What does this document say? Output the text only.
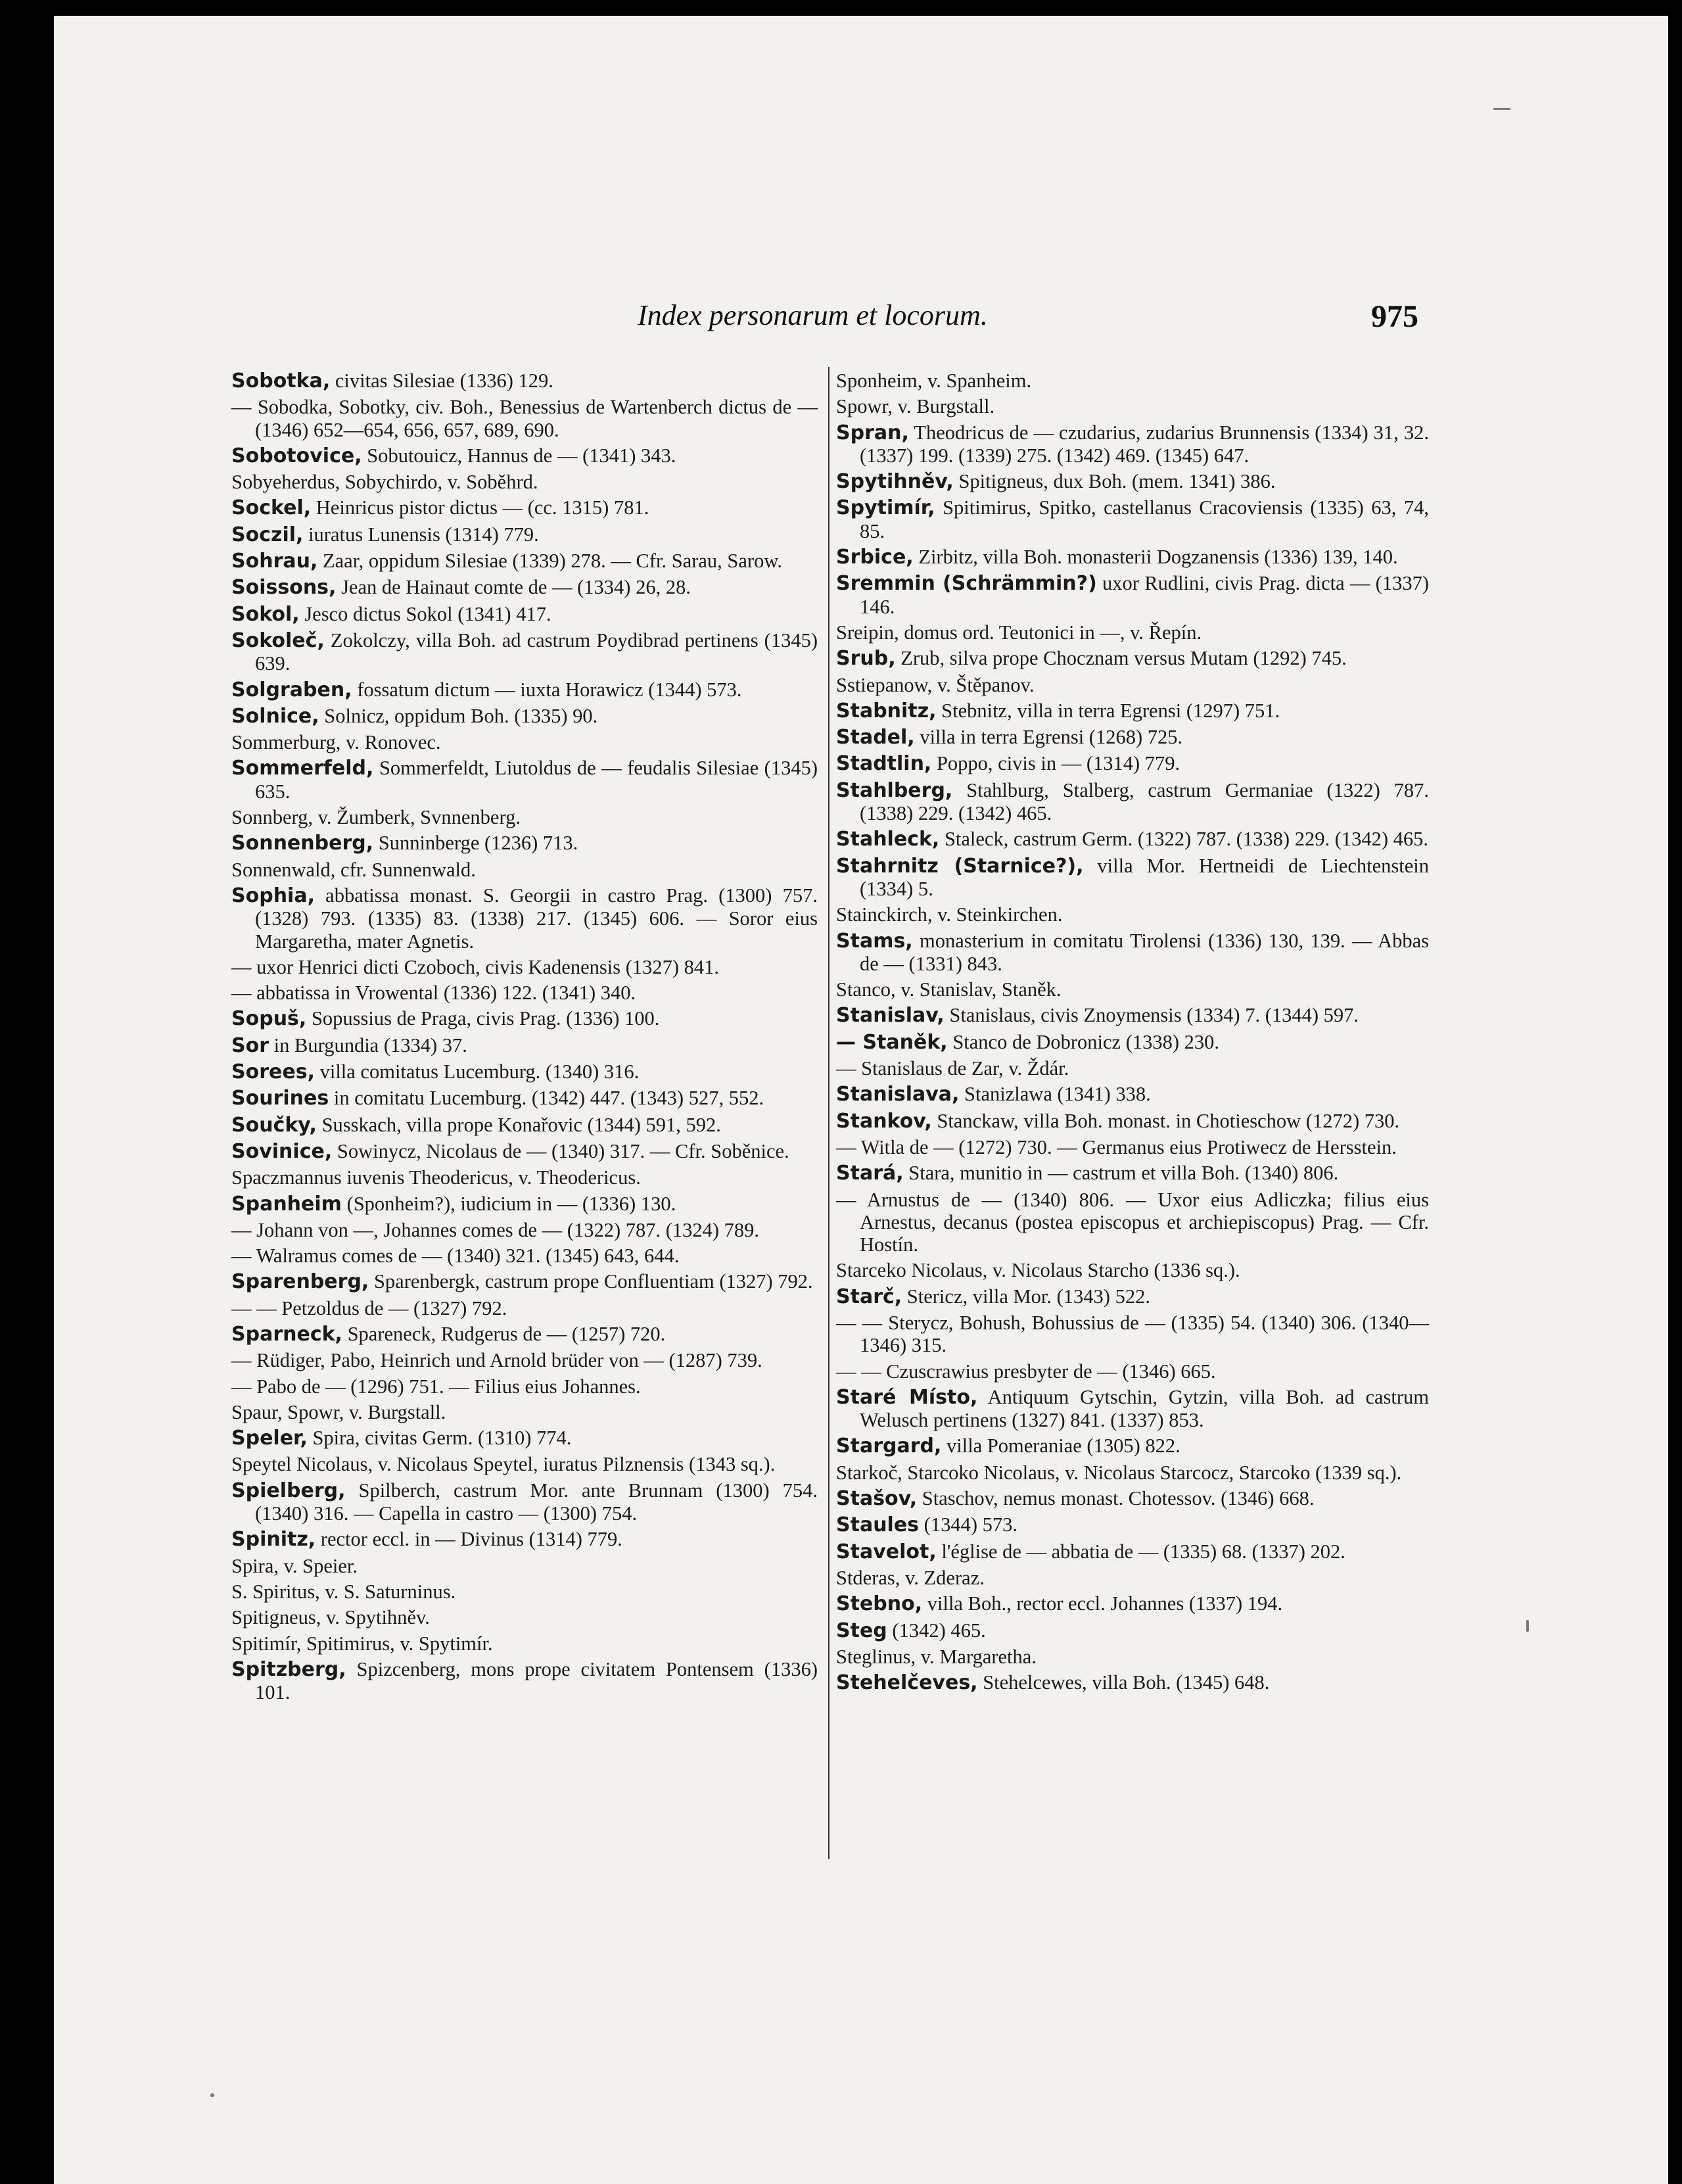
Index personarum et locorum.	975
Sobotka, civitas Silesiae (1336) 129.
— Sobodka, Sobotky, civ. Boh., Benessius de Wartenberch dictus de — (1346) 652—654, 656, 657, 689, 690.
Sobotovice, Sobutouicz, Hannus de — (1341) 343.
Sobyeherdus, Sobychirdo, v. Soběhrd.
Sockel, Heinricus pistor dictus — (cc. 1315) 781.
Soczil, iuratus Lunensis (1314) 779.
Sohrau, Zaar, oppidum Silesiae (1339) 278. — Cfr. Sarau, Sarow.
Soissons, Jean de Hainaut comte de — (1334) 26, 28.
Sokol, Jesco dictus Sokol (1341) 417.
Sokoleč, Zokolczy, villa Boh. ad castrum Poydibrad pertinens (1345) 639.
Solgraben, fossatum dictum — iuxta Horawicz (1344) 573.
Solnice, Solnicz, oppidum Boh. (1335) 90.
Sommerburg, v. Ronovec.
Sommerfeld, Sommerfeldt, Liutoldus de — feudalis Silesiae (1345) 635.
Sonnberg, v. Žumberk, Svnnenberg.
Sonnenberg, Sunninberge (1236) 713.
Sonnenwald, cfr. Sunnenwald.
Sophia, abbatissa monast. S. Georgii in castro Prag. (1300) 757. (1328) 793. (1335) 83. (1338) 217. (1345) 606. — Soror eius Margaretha, mater Agnetis.
— uxor Henrici dicti Czoboch, civis Kadenensis (1327) 841.
— abbatissa in Vrowental (1336) 122. (1341) 340.
Sopuš, Sopussius de Praga, civis Prag. (1336) 100.
Sor in Burgundia (1334) 37.
Sorees, villa comitatus Lucemburg. (1340) 316.
Sourines in comitatu Lucemburg. (1342) 447. (1343) 527, 552.
Součky, Susskach, villa prope Konařovic (1344) 591, 592.
Sovinice, Sowinycz, Nicolaus de — (1340) 317. — Cfr. Soběnice.
Spaczmannus iuvenis Theodericus, v. Theodericus.
Spanheim (Sponheim?), iudicium in — (1336) 130.
— Johann von —, Johannes comes de — (1322) 787. (1324) 789.
— Walramus comes de — (1340) 321. (1345) 643, 644.
Sparenberg, Sparenbergk, castrum prope Confluentiam (1327) 792.
— — Petzoldus de — (1327) 792.
Sparneck, Spareneck, Rudgerus de — (1257) 720.
— Rüdiger, Pabo, Heinrich und Arnold brüder von — (1287) 739.
— Pabo de — (1296) 751. — Filius eius Johannes.
Spaur, Spowr, v. Burgstall.
Speler, Spira, civitas Germ. (1310) 774.
Speytel Nicolaus, v. Nicolaus Speytel, iuratus Pilznensis (1343 sq.).
Spielberg, Spilberch, castrum Mor. ante Brunnam (1300) 754. (1340) 316. — Capella in castro — (1300) 754.
Spinitz, rector eccl. in — Divinus (1314) 779.
Spira, v. Speier.
S. Spiritus, v. S. Saturninus.
Spitigneus, v. Spytihněv.
Spitimír, Spitimirus, v. Spytimír.
Spitzberg, Spizcenberg, mons prope civitatem Pontensem (1336) 101.
Sponheim, v. Spanheim.
Spowr, v. Burgstall.
Spran, Theodricus de — czudarius, zudarius Brunnensis (1334) 31, 32. (1337) 199. (1339) 275. (1342) 469. (1345) 647.
Spytihněv, Spitigneus, dux Boh. (mem. 1341) 386.
Spytimír, Spitimirus, Spitko, castellanus Cracoviensis (1335) 63, 74, 85.
Srbice, Zirbitz, villa Boh. monasterii Dogzanensis (1336) 139, 140.
Sremmin (Schrämmin?) uxor Rudlini, civis Prag. dicta — (1337) 146.
Sreipin, domus ord. Teutonici in —, v. Řepín.
Srub, Zrub, silva prope Chocznam versus Mutam (1292) 745.
Sstiepanow, v. Štěpanov.
Stabnitz, Stebnitz, villa in terra Egrensi (1297) 751.
Stadel, villa in terra Egrensi (1268) 725.
Stadtlin, Poppo, civis in — (1314) 779.
Stahlberg, Stahlburg, Stalberg, castrum Germaniae (1322) 787. (1338) 229. (1342) 465.
Stahleck, Staleck, castrum Germ. (1322) 787. (1338) 229. (1342) 465.
Stahrnitz (Starnice?), villa Mor. Hertneidi de Liechtenstein (1334) 5.
Stainckirch, v. Steinkirchen.
Stams, monasterium in comitatu Tirolensi (1336) 130, 139. — Abbas de — (1331) 843.
Stanco, v. Stanislav, Staněk.
Stanislav, Stanislaus, civis Znoymensis (1334) 7. (1344) 597.
— Staněk, Stanco de Dobronicz (1338) 230.
— Stanislaus de Zar, v. Ždár.
Stanislava, Stanizlawa (1341) 338.
Stankov, Stanckaw, villa Boh. monast. in Chotieschow (1272) 730.
— Witla de — (1272) 730. — Germanus eius Protiwecz de Hersstein.
Stará, Stara, munitio in — castrum et villa Boh. (1340) 806.
— Arnustus de — (1340) 806. — Uxor eius Adliczka; filius eius Arnestus, decanus (postea episcopus et archiepiscopus) Prag. — Cfr. Hostín.
Starceko Nicolaus, v. Nicolaus Starcho (1336 sq.).
Starč, Stericz, villa Mor. (1343) 522.
— — Sterycz, Bohush, Bohussius de — (1335) 54. (1340) 306. (1340—1346) 315.
— — Czuscrawius presbyter de — (1346) 665.
Staré Místo, Antiquum Gytschin, Gytzin, villa Boh. ad castrum Welusch pertinens (1327) 841. (1337) 853.
Stargard, villa Pomeraniae (1305) 822.
Starkoč, Starcoko Nicolaus, v. Nicolaus Starcocz, Starcoko (1339 sq.).
Stašov, Staschov, nemus monast. Chotessov. (1346) 668.
Staules (1344) 573.
Stavelot, l'église de — abbatia de — (1335) 68. (1337) 202.
Stderas, v. Zderaz.
Stebno, villa Boh., rector eccl. Johannes (1337) 194.
Steg (1342) 465.
Steglinus, v. Margaretha.
Stehelčeves, Stehelcewes, villa Boh. (1345) 648.
